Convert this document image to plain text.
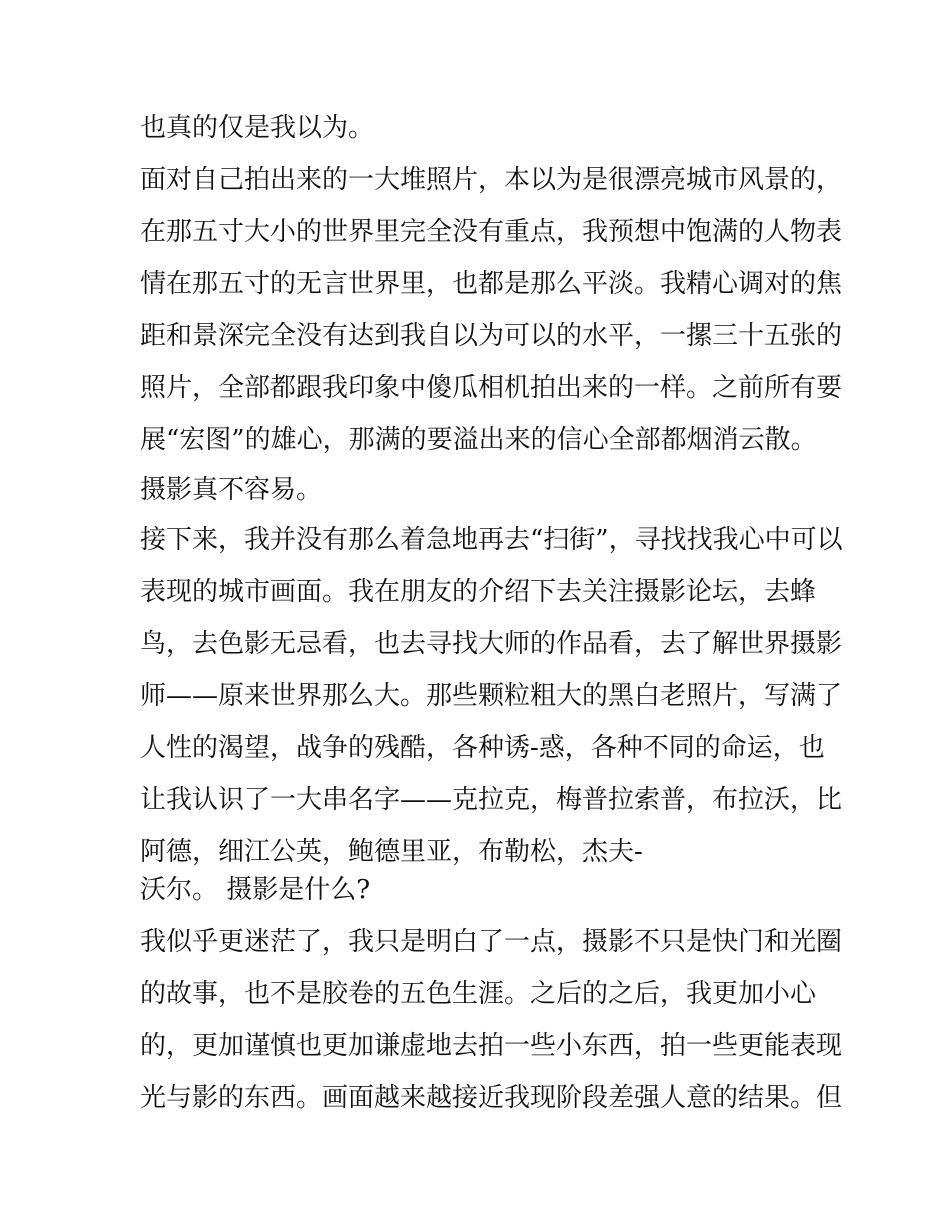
也真的仅是我以为。
面对自己拍出来的一大堆照片，本以为是很漂亮城市风景的，
在那五寸大小的世界里完全没有重点，我预想中饱满的人物表
情在那五寸的无言世界里，也都是那么平淡。我精心调对的焦
距和景深完全没有达到我自以为可以的水平，一摞三十五张的
照片，全部都跟我印象中傻瓜相机拍出来的一样。之前所有要
展“宏图”的雄心，那满的要溢出来的信心全部都烟消云散。
摄影真不容易。
接下来，我并没有那么着急地再去“扫街”，寻找找我心中可以
表现的城市画面。我在朋友的介绍下去关注摄影论坛，去蜂
鸟，去色影无忌看，也去寻找大师的作品看，去了解世界摄影
师——原来世界那么大。那些颗粒粗大的黑白老照片，写满了
人性的渴望，战争的残酷，各种诱-惑，各种不同的命运，也
让我认识了一大串名字——克拉克，梅普拉索普，布拉沃，比
阿德，细江公英，鲍德里亚，布勒松，杰夫-
沃尔。 摄影是什么?
我似乎更迷茫了，我只是明白了一点，摄影不只是快门和光圈
的故事，也不是胶卷的五色生涯。之后的之后，我更加小心
的，更加谨慎也更加谦虚地去拍一些小东西，拍一些更能表现
光与影的东西。画面越来越接近我现阶段差强人意的结果。但
